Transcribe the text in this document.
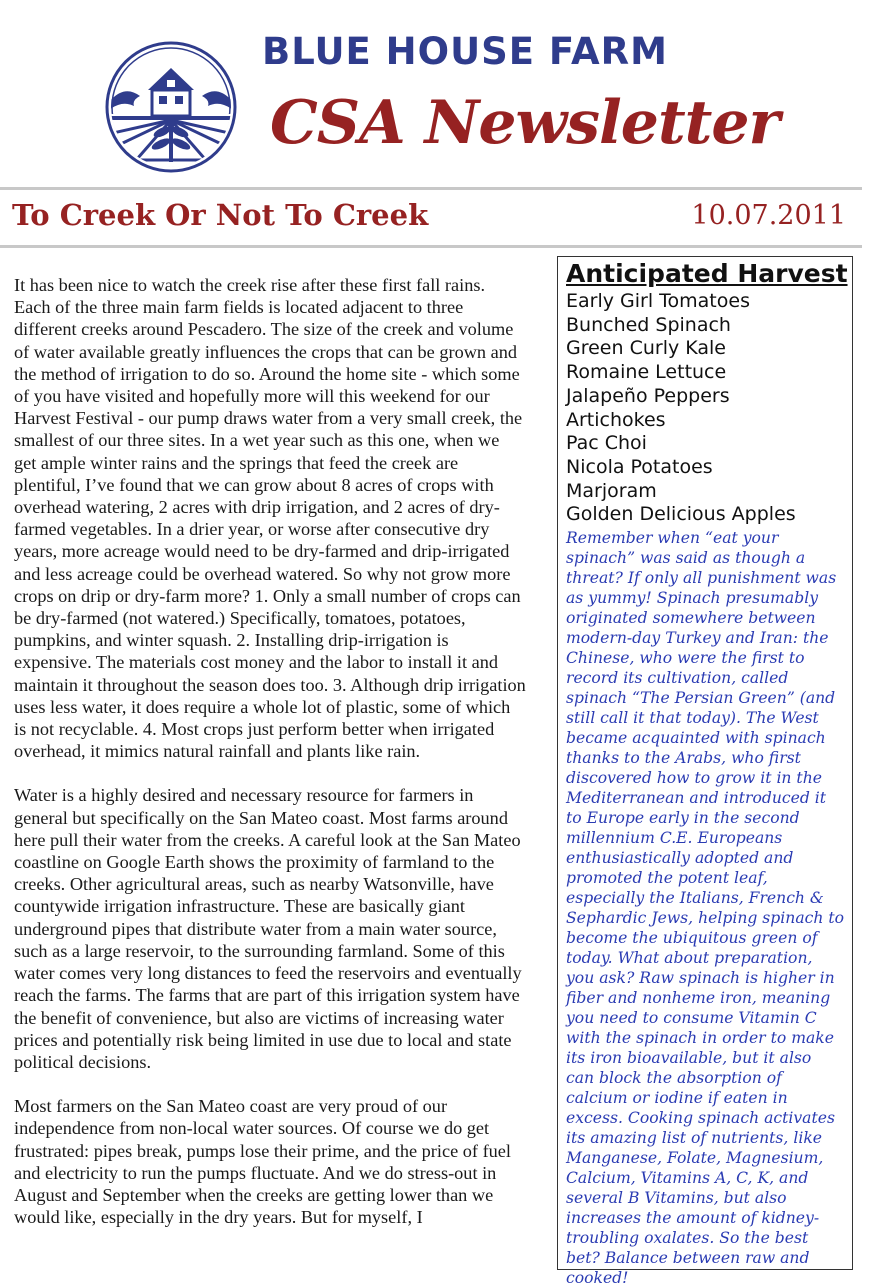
BLUE HOUSE FARM
CSA Newsletter
To Creek Or Not To Creek	10.07.2011

It has been nice to watch the creek rise after these first fall rains. Each of the three main farm fields is located adjacent to three different creeks around Pescadero. The size of the creek and volume of water available greatly influences the crops that can be grown and the method of irrigation to do so. Around the home site - which some of you have visited and hopefully more will this weekend for our Harvest Festival - our pump draws water from a very small creek, the smallest of our three sites. In a wet year such as this one, when we get ample winter rains and the springs that feed the creek are plentiful, I’ve found that we can grow about 8 acres of crops with overhead watering, 2 acres with drip irrigation, and 2 acres of dry-farmed vegetables. In a drier year, or worse after consecutive dry years, more acreage would need to be dry-farmed and drip-irrigated and less acreage could be overhead watered. So why not grow more crops on drip or dry-farm more? 1. Only a small number of crops can be dry-farmed (not watered.) Specifically, tomatoes, potatoes, pumpkins, and winter squash. 2. Installing drip-irrigation is expensive. The materials cost money and the labor to install it and maintain it throughout the season does too. 3. Although drip irrigation uses less water, it does require a whole lot of plastic, some of which is not recyclable. 4. Most crops just perform better when irrigated overhead, it mimics natural rainfall and plants like rain.

Water is a highly desired and necessary resource for farmers in general but specifically on the San Mateo coast. Most farms around here pull their water from the creeks. A careful look at the San Mateo coastline on Google Earth shows the proximity of farmland to the creeks. Other agricultural areas, such as nearby Watsonville, have countywide irrigation infrastructure. These are basically giant underground pipes that distribute water from a main water source, such as a large reservoir, to the surrounding farmland. Some of this water comes very long distances to feed the reservoirs and eventually reach the farms. The farms that are part of this irrigation system have the benefit of convenience, but also are victims of increasing water prices and potentially risk being limited in use due to local and state political decisions.

Most farmers on the San Mateo coast are very proud of our independence from non-local water sources. Of course we do get frustrated: pipes break, pumps lose their prime, and the price of fuel and electricity to run the pumps fluctuate. And we do stress-out in August and September when the creeks are getting lower than we would like, especially in the dry years. But for myself, I

Anticipated Harvest
Early Girl Tomatoes
Bunched Spinach
Green Curly Kale
Romaine Lettuce
Jalapeño Peppers
Artichokes
Pac Choi
Nicola Potatoes
Marjoram
Golden Delicious Apples
Remember when “eat your spinach” was said as though a threat? If only all punishment was as yummy! Spinach presumably originated somewhere between modern-day Turkey and Iran: the Chinese, who were the first to record its cultivation, called spinach “The Persian Green” (and still call it that today). The West became acquainted with spinach thanks to the Arabs, who first discovered how to grow it in the Mediterranean and introduced it to Europe early in the second millennium C.E. Europeans enthusiastically adopted and promoted the potent leaf, especially the Italians, French & Sephardic Jews, helping spinach to become the ubiquitous green of today. What about preparation, you ask? Raw spinach is higher in fiber and nonheme iron, meaning you need to consume Vitamin C with the spinach in order to make its iron bioavailable, but it also can block the absorption of calcium or iodine if eaten in excess. Cooking spinach activates its amazing list of nutrients, like Manganese, Folate, Magnesium, Calcium, Vitamins A, C, K, and several B Vitamins, but also increases the amount of kidney-troubling oxalates. So the best bet? Balance between raw and cooked!
